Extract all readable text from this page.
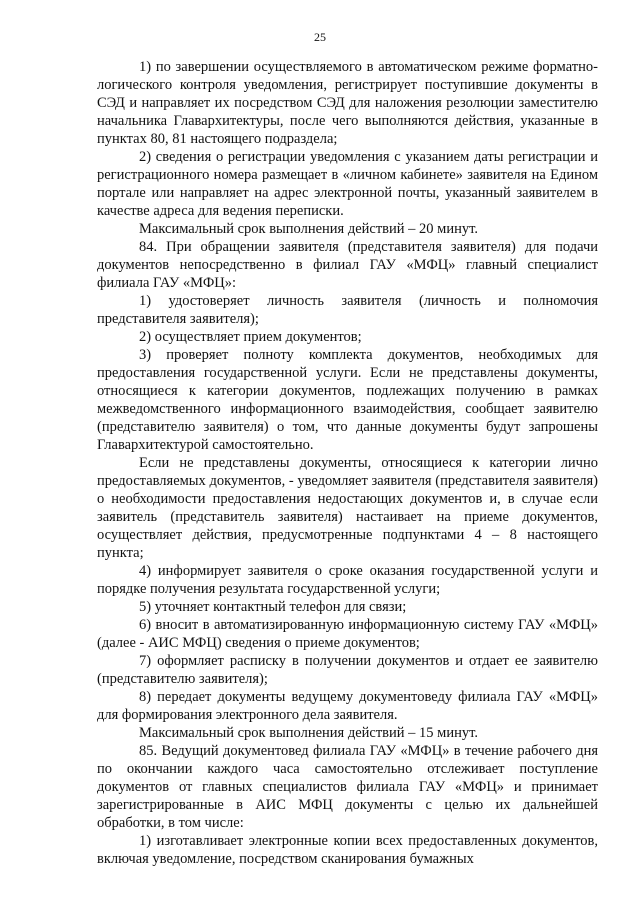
25

1) по завершении осуществляемого в автоматическом режиме форматно-логического контроля уведомления, регистрирует поступившие документы в СЭД и направляет их посредством СЭД для наложения резолюции заместителю начальника Главархитектуры, после чего выполняются действия, указанные в пунктах 80, 81 настоящего подраздела;

2) сведения о регистрации уведомления с указанием даты регистрации и регистрационного номера размещает в «личном кабинете» заявителя на Едином портале или направляет на адрес электронной почты, указанный заявителем в качестве адреса для ведения переписки.

Максимальный срок выполнения действий – 20 минут.

84. При обращении заявителя (представителя заявителя) для подачи документов непосредственно в филиал ГАУ «МФЦ» главный специалист филиала ГАУ «МФЦ»:

1) удостоверяет личность заявителя (личность и полномочия представителя заявителя);

2) осуществляет прием документов;

3) проверяет полноту комплекта документов, необходимых для предоставления государственной услуги. Если не представлены документы, относящиеся к категории документов, подлежащих получению в рамках межведомственного информационного взаимодействия, сообщает заявителю (представителю заявителя) о том, что данные документы будут запрошены Главархитектурой самостоятельно.

Если не представлены документы, относящиеся к категории лично предоставляемых документов, - уведомляет заявителя (представителя заявителя) о необходимости предоставления недостающих документов и, в случае если заявитель (представитель заявителя) настаивает на приеме документов, осуществляет действия, предусмотренные подпунктами 4 – 8 настоящего пункта;

4) информирует заявителя о сроке оказания государственной услуги и порядке получения результата государственной услуги;

5) уточняет контактный телефон для связи;

6) вносит в автоматизированную информационную систему ГАУ «МФЦ» (далее - АИС МФЦ) сведения о приеме документов;

7) оформляет расписку в получении документов и отдает ее заявителю (представителю заявителя);

8) передает документы ведущему документоведу филиала ГАУ «МФЦ» для формирования электронного дела заявителя.

Максимальный срок выполнения действий – 15 минут.

85. Ведущий документовед филиала ГАУ «МФЦ» в течение рабочего дня по окончании каждого часа самостоятельно отслеживает поступление документов от главных специалистов филиала ГАУ «МФЦ» и принимает зарегистрированные в АИС МФЦ документы с целью их дальнейшей обработки, в том числе:

1) изготавливает электронные копии всех предоставленных документов, включая уведомление, посредством сканирования бумажных
